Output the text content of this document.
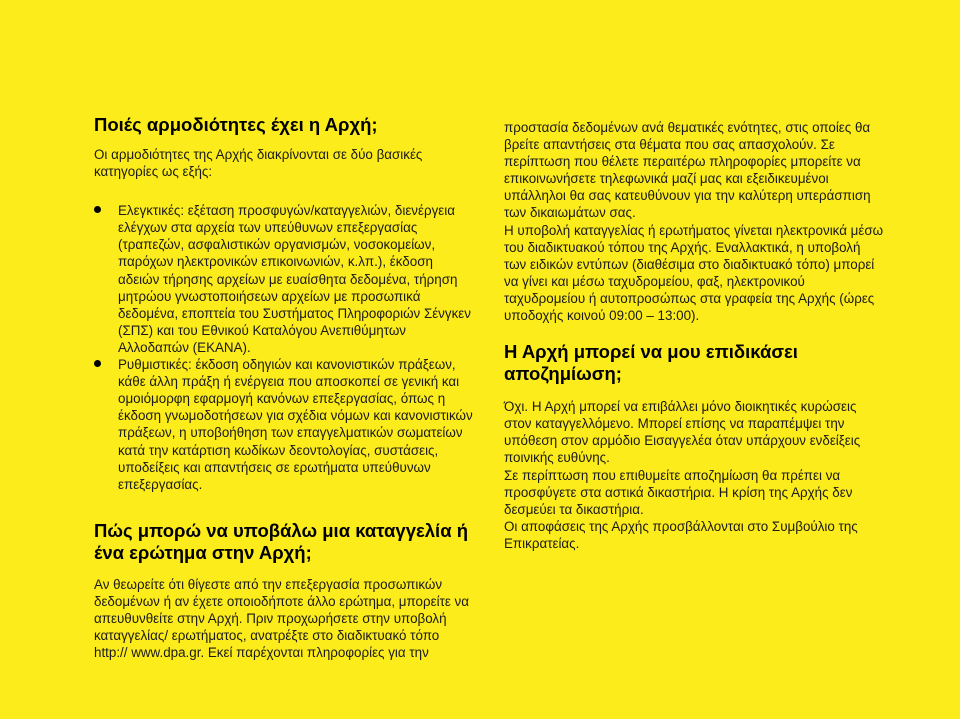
Ποιές αρμοδιότητες έχει η Αρχή;

Οι αρμοδιότητες της Αρχής διακρίνονται σε δύο βασικές κατηγορίες ως εξής:

Ελεγκτικές: εξέταση προσφυγών/καταγγελιών, διενέργεια ελέγχων στα αρχεία των υπεύθυνων επεξεργασίας (τραπεζών, ασφαλιστικών οργανισμών, νοσοκομείων, παρόχων ηλεκτρονικών επικοινωνιών, κ.λπ.), έκδοση αδειών τήρησης αρχείων με ευαίσθητα δεδομένα, τήρηση μητρώου γνωστοποιήσεων αρχείων με προσωπικά δεδομένα, εποπτεία του Συστήματος Πληροφοριών Σένγκεν (ΣΠΣ) και του Εθνικού Καταλόγου Ανεπιθύμητων Αλλοδαπών (ΕΚΑΝΑ).
Ρυθμιστικές: έκδοση οδηγιών και κανονιστικών πράξεων, κάθε άλλη πράξη ή ενέργεια που αποσκοπεί σε γενική και ομοιόμορφη εφαρμογή κανόνων επεξεργασίας, όπως η έκδοση γνωμοδοτήσεων για σχέδια νόμων και κανονιστικών πράξεων, η υποβοήθηση των επαγγελματικών σωματείων κατά την κατάρτιση κωδίκων δεοντολογίας, συστάσεις, υποδείξεις και απαντήσεις σε ερωτήματα υπεύθυνων επεξεργασίας.
Πώς μπορώ να υποβάλω μια καταγγελία ή ένα ερώτημα στην Αρχή;

Αν θεωρείτε ότι θίγεστε από την επεξεργασία προσωπικών δεδομένων ή αν έχετε οποιοδήποτε άλλο ερώτημα, μπορείτε να απευθυνθείτε στην Αρχή. Πριν προχωρήσετε στην υποβολή καταγγελίας/ ερωτήματος, ανατρέξτε στο διαδικτυακό τόπο http:// www.dpa.gr. Εκεί παρέχονται πληροφορίες για την

προστασία δεδομένων ανά θεματικές ενότητες, στις οποίες θα βρείτε απαντήσεις στα θέματα που σας απασχολούν. Σε περίπτωση που θέλετε περαιτέρω πληροφορίες μπορείτε να επικοινωνήσετε τηλεφωνικά μαζί μας και εξειδικευμένοι υπάλληλοι θα σας κατευθύνουν για την καλύτερη υπεράσπιση των δικαιωμάτων σας.

Η υποβολή καταγγελίας ή ερωτήματος γίνεται ηλεκτρονικά μέσω του διαδικτυακού τόπου της Αρχής. Εναλλακτικά, η υποβολή των ειδικών εντύπων (διαθέσιμα στο διαδικτυακό τόπο) μπορεί να γίνει και μέσω ταχυδρομείου, φαξ, ηλεκτρονικού ταχυδρομείου ή αυτοπροσώπως στα γραφεία της Αρχής (ώρες υποδοχής κοινού 09:00 – 13:00).

Η Αρχή μπορεί να μου επιδικάσει αποζημίωση;

Όχι. Η Αρχή μπορεί να επιβάλλει μόνο διοικητικές κυρώσεις στον καταγγελλόμενο. Μπορεί επίσης να παραπέμψει την υπόθεση στον αρμόδιο Εισαγγελέα όταν υπάρχουν ενδείξεις ποινικής ευθύνης.

Σε περίπτωση που επιθυμείτε αποζημίωση θα πρέπει να προσφύγετε στα αστικά δικαστήρια. Η κρίση της Αρχής δεν δεσμεύει τα δικαστήρια.

Οι αποφάσεις της Αρχής προσβάλλονται στο Συμβούλιο της Επικρατείας.
